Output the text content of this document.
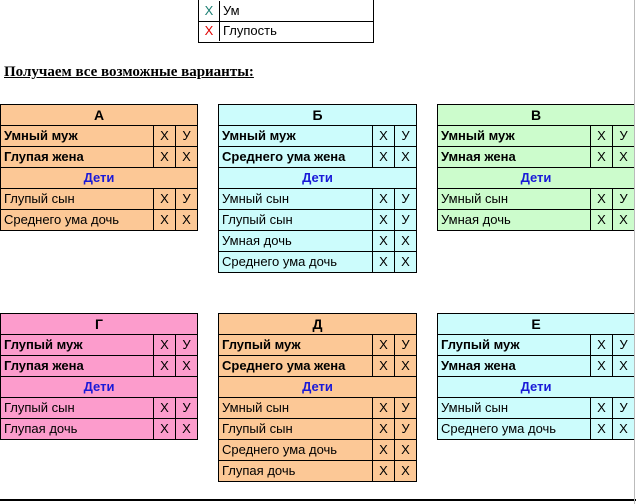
Х Ум
Х Глупость
Получаем все возможные варианты:
А		
Умный муж	Х	У
Глупая жена	Х	Х
Дети		
Глупый сын	Х	У
Среднего ума дочь	Х	Х
Б		
Умный муж	Х	У
Среднего ума жена	Х	Х
Дети		
Умный сын	Х	У
Глупый сын	Х	У
Умная дочь	Х	Х
Среднего ума дочь	Х	Х
В		
Умный муж	Х	У
Умная жена	Х	Х
Дети		
Умный сын	Х	У
Умная дочь	Х	Х
Г		
Глупый муж	Х	У
Глупая жена	Х	Х
Дети		
Глупый сын	Х	У
Глупая дочь	Х	Х
Д		
Глупый муж	Х	У
Среднего ума жена	Х	Х
Дети		
Умный сын	Х	У
Глупый сын	Х	У
Среднего ума дочь	Х	Х
Глупая дочь	Х	Х
Е		
Глупый муж	Х	У
Умная жена	Х	Х
Дети		
Умный сын	Х	У
Среднего ума дочь	Х	Х
